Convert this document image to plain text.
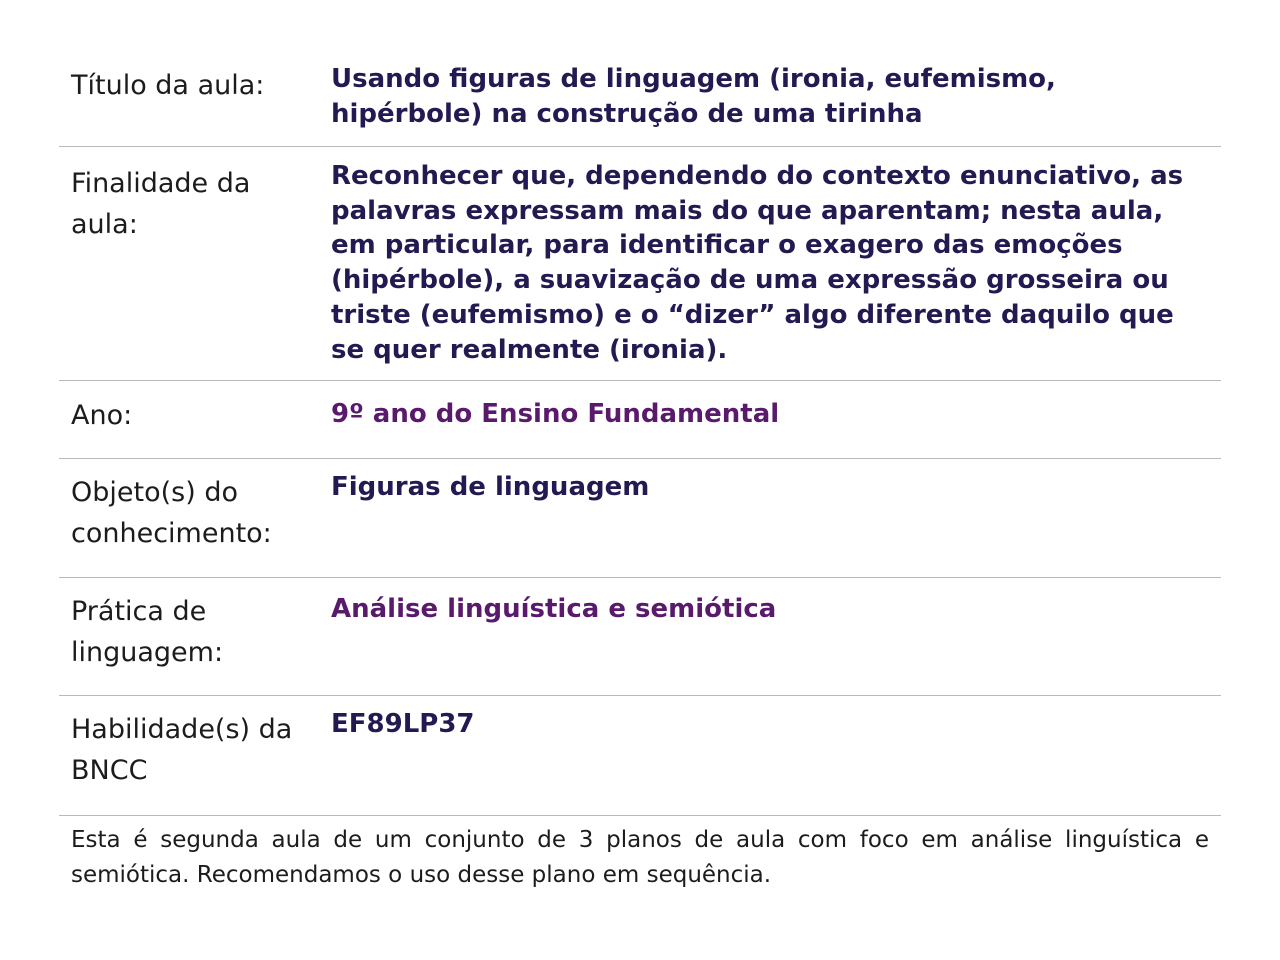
Título da aula:	Usando figuras de linguagem (ironia, eufemismo, hipérbole) na construção de uma tirinha
Finalidade da aula:
Reconhecer que, dependendo do contexto enunciativo, as palavras expressam mais do que aparentam; nesta aula, em particular, para identificar o exagero das emoções (hipérbole), a suavização de uma expressão grosseira ou triste (eufemismo) e o “dizer” algo diferente daquilo que se quer realmente (ironia).
Ano:	9º ano do Ensino Fundamental
Objeto(s) do conhecimento:
Figuras de linguagem
Prática de linguagem:
Análise linguística e semiótica
Habilidade(s) da BNCC
EF89LP37
Esta é segunda aula de um conjunto de 3 planos de aula com foco em análise linguística e semiótica. Recomendamos o uso desse plano em sequência.
